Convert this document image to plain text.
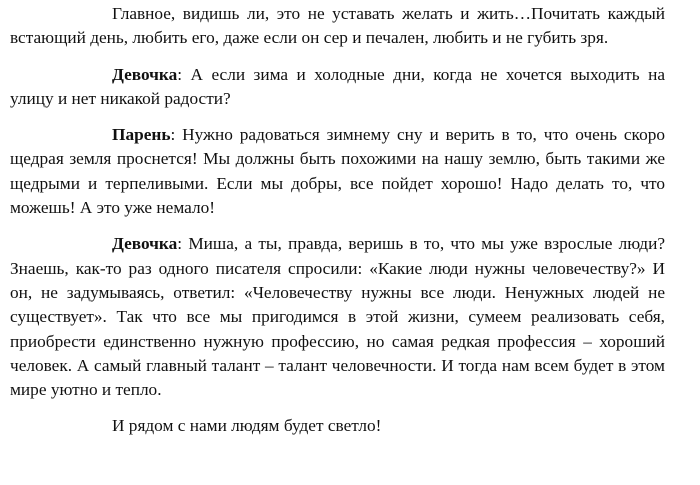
Главное, видишь ли, это не уставать желать и жить…Почитать каждый встающий день, любить его, даже если он сер и печален, любить и не губить зря.

Девочка: А если зима и холодные дни, когда не хочется выходить на улицу и нет никакой радости?

Парень: Нужно радоваться зимнему сну и верить в то, что очень скоро щедрая земля проснется! Мы должны быть похожими на нашу землю, быть такими же щедрыми и терпеливыми. Если мы добры, все пойдет хорошо! Надо делать то, что можешь! А это уже немало!

Девочка: Миша, а ты, правда, веришь в то, что мы уже взрослые люди? Знаешь, как-то раз одного писателя спросили: «Какие люди нужны человечеству?» И он, не задумываясь, ответил: «Человечеству нужны все люди. Ненужных людей не существует». Так что все мы пригодимся в этой жизни, сумеем реализовать себя, приобрести единственно нужную профессию, но самая редкая профессия – хороший человек. А самый главный талант – талант человечности. И тогда нам всем будет в этом мире уютно и тепло.

И рядом с нами людям будет светло!
